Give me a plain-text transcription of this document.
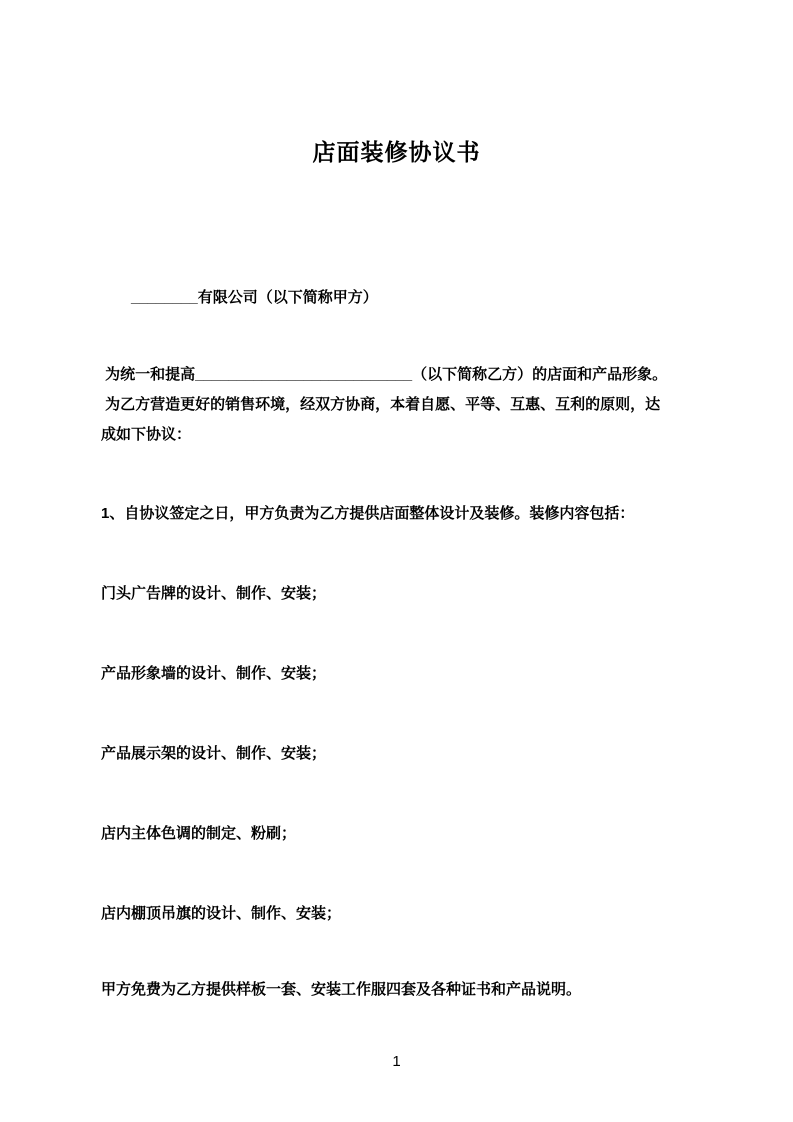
店面装修协议书
________有限公司（以下简称甲方）
为统一和提高__________________________（以下简称乙方）的店面和产品形象。
为乙方营造更好的销售环境，经双方协商，本着自愿、平等、互惠、互利的原则，达
成如下协议：
1、自协议签定之日，甲方负责为乙方提供店面整体设计及装修。装修内容包括：
门头广告牌的设计、制作、安装；
产品形象墙的设计、制作、安装；
产品展示架的设计、制作、安装；
店内主体色调的制定、粉刷；
店内棚顶吊旗的设计、制作、安装；
甲方免费为乙方提供样板一套、安装工作服四套及各种证书和产品说明。
1
